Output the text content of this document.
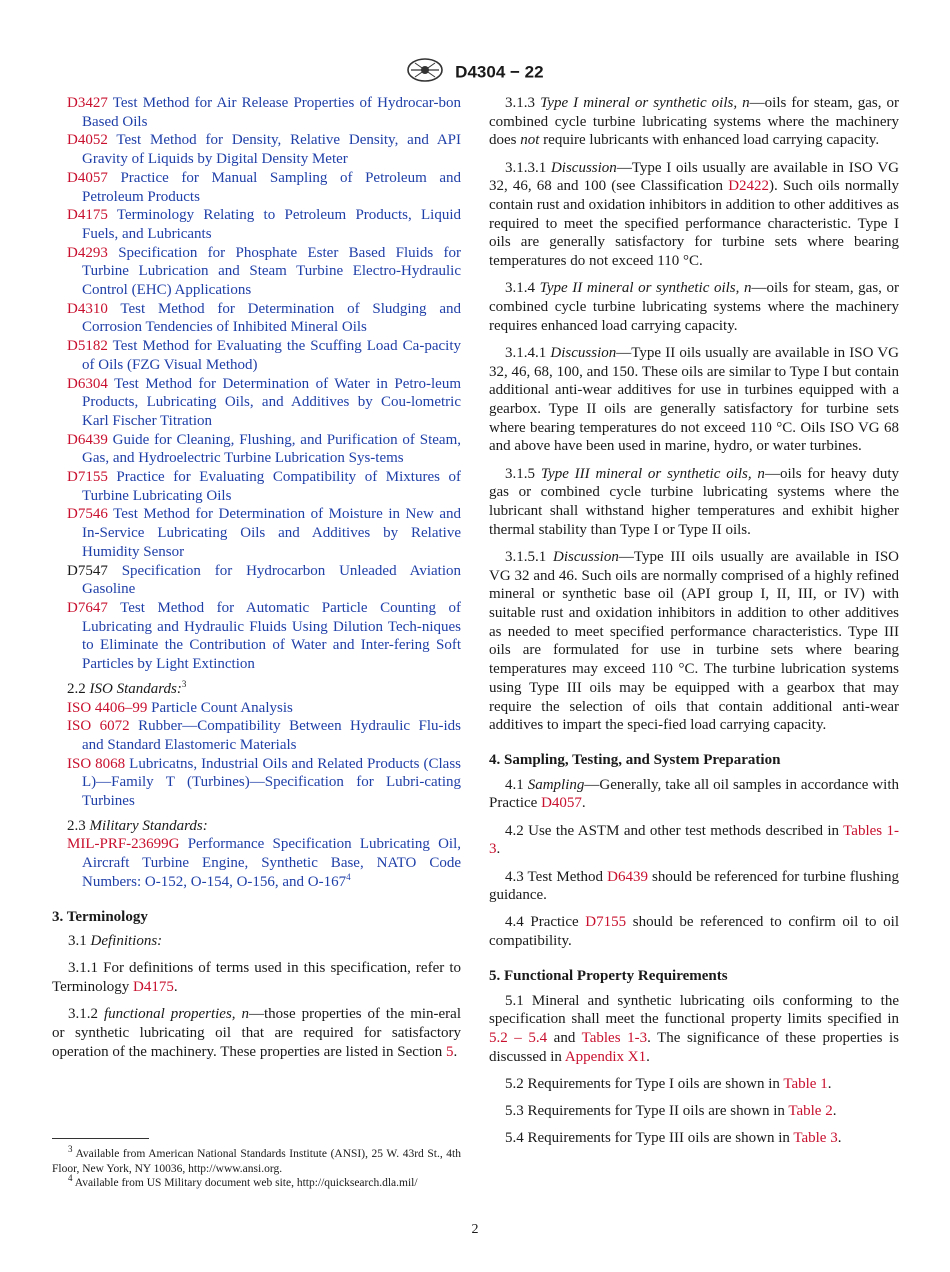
D4304 − 22

D3427 Test Method for Air Release Properties of Hydrocar-bon Based Oils

D4052 Test Method for Density, Relative Density, and API Gravity of Liquids by Digital Density Meter

D4057 Practice for Manual Sampling of Petroleum and Petroleum Products

D4175 Terminology Relating to Petroleum Products, Liquid Fuels, and Lubricants

D4293 Specification for Phosphate Ester Based Fluids for Turbine Lubrication and Steam Turbine Electro-Hydraulic Control (EHC) Applications

D4310 Test Method for Determination of Sludging and Corrosion Tendencies of Inhibited Mineral Oils

D5182 Test Method for Evaluating the Scuffing Load Ca-pacity of Oils (FZG Visual Method)

D6304 Test Method for Determination of Water in Petro-leum Products, Lubricating Oils, and Additives by Cou-lometric Karl Fischer Titration

D6439 Guide for Cleaning, Flushing, and Purification of Steam, Gas, and Hydroelectric Turbine Lubrication Sys-tems

D7155 Practice for Evaluating Compatibility of Mixtures of Turbine Lubricating Oils

D7546 Test Method for Determination of Moisture in New and In-Service Lubricating Oils and Additives by Relative Humidity Sensor

D7547 Specification for Hydrocarbon Unleaded Aviation Gasoline

D7647 Test Method for Automatic Particle Counting of Lubricating and Hydraulic Fluids Using Dilution Tech-niques to Eliminate the Contribution of Water and Inter-fering Soft Particles by Light Extinction

2.2 ISO Standards:$^3$

ISO 4406–99 Particle Count Analysis

ISO 6072 Rubber—Compatibility Between Hydraulic Flu-ids and Standard Elastomeric Materials

ISO 8068 Lubricatns, Industrial Oils and Related Products (Class L)—Family T (Turbines)—Specification for Lubri-cating Turbines

2.3 Military Standards:

MIL-PRF-23699G Performance Specification Lubricating Oil, Aircraft Turbine Engine, Synthetic Base, NATO Code Numbers: O-152, O-154, O-156, and $O-167^4$

3. Terminology

3.1 Definitions:

3.1.1 For definitions of terms used in this specification, refer to Terminology D4175.

3.1.2 functional properties, n—those properties of the min-eral or synthetic lubricating oil that are required for satisfactory operation of the machinery. These properties are listed in Section 5.

3.1.3 Type I mineral or synthetic oils, n—oils for steam, gas, or combined cycle turbine lubricating systems where the machinery does not require lubricants with enhanced load carrying capacity.

3.1.3.1 Discussion—Type I oils usually are available in ISO VG 32, 46, 68 and 100 (see Classification D2422). Such oils normally contain rust and oxidation inhibitors in addition to other additives as required to meet the specified performance characteristic. Type I oils are generally satisfactory for turbine sets where bearing temperatures do not exceed 110 °C.

3.1.4 Type II mineral or synthetic oils, n—oils for steam, gas, or combined cycle turbine lubricating systems where the machinery requires enhanced load carrying capacity.

3.1.4.1 Discussion—Type II oils usually are available in ISO VG 32, 46, 68, 100, and 150. These oils are similar to Type I but contain additional anti-wear additives for use in turbines equipped with a gearbox. Type II oils are generally satisfactory for turbine sets where bearing temperatures do not exceed 110 °C. Oils ISO VG 68 and above have been used in marine, hydro, or water turbines.

3.1.5 Type III mineral or synthetic oils, n—oils for heavy duty gas or combined cycle turbine lubricating systems where the lubricant shall withstand higher temperatures and exhibit higher thermal stability than Type I or Type II oils.

3.1.5.1 Discussion—Type III oils usually are available in ISO VG 32 and 46. Such oils are normally comprised of a highly refined mineral or synthetic base oil (API group I, II, III, or IV) with suitable rust and oxidation inhibitors in addition to other additives as needed to meet specified performance characteristics. Type III oils are formulated for use in turbine sets where bearing temperatures may exceed 110 °C. The turbine lubrication systems using Type III oils may be equipped with a gearbox that may require the selection of oils that contain additional anti-wear additives to impart the speci-fied load carrying capacity.

4. Sampling, Testing, and System Preparation

4.1 Sampling—Generally, take all oil samples in accordance with Practice D4057.

4.2 Use the ASTM and other test methods described in Tables 1-3.

4.3 Test Method D6439 should be referenced for turbine flushing guidance.

4.4 Practice D7155 should be referenced to confirm oil to oil compatibility.

5. Functional Property Requirements

5.1 Mineral and synthetic lubricating oils conforming to the specification shall meet the functional property limits specified in 5.2 – 5.4 and Tables 1-3. The significance of these properties is discussed in Appendix X1.

5.2 Requirements for Type I oils are shown in Table 1.

5.3 Requirements for Type II oils are shown in Table 2.

5.4 Requirements for Type III oils are shown in Table 3.

$^3$ Available from American National Standards Institute (ANSI), 25 W. 43rd St., 4th Floor, New York, NY 10036, http://www.ansi.org.

$^4$ Available from US Military document web site, http://quicksearch.dla.mil/

2
